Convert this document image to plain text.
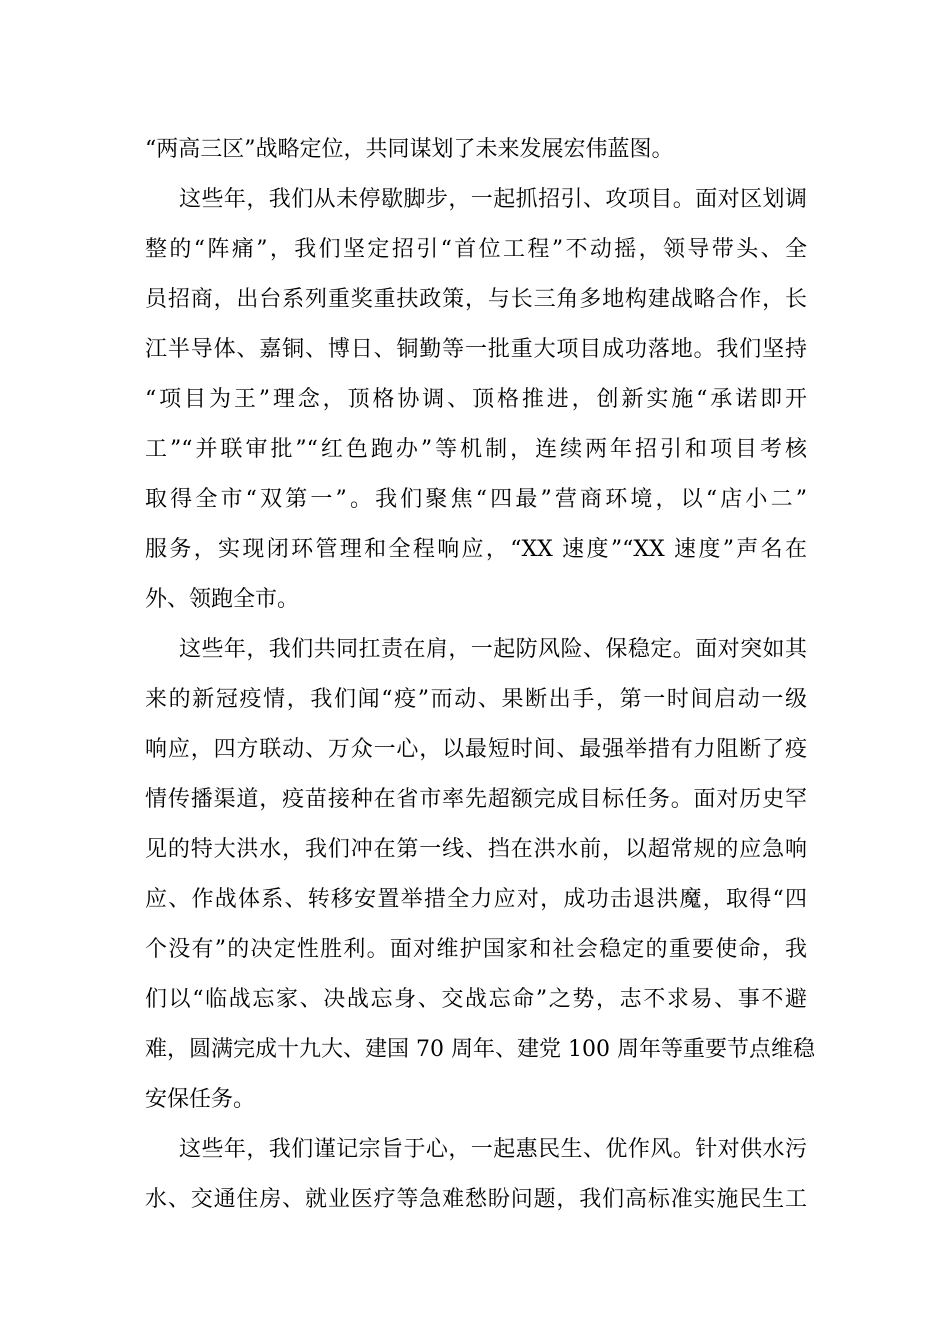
“两高三区”战略定位，共同谋划了未来发展宏伟蓝图。
这些年，我们从未停歇脚步，一起抓招引、攻项目。面对区划调
整的“阵痛”，我们坚定招引“首位工程”不动摇，领导带头、全
员招商，出台系列重奖重扶政策，与长三角多地构建战略合作，长
江半导体、嘉铜、博日、铜勤等一批重大项目成功落地。我们坚持
“项目为王”理念，顶格协调、顶格推进，创新实施“承诺即开
工”“并联审批”“红色跑办”等机制，连续两年招引和项目考核
取得全市“双第一”。我们聚焦“四最”营商环境，以“店小二”
服务，实现闭环管理和全程响应，“XX 速度”“XX 速度”声名在
外、领跑全市。
这些年，我们共同扛责在肩，一起防风险、保稳定。面对突如其
来的新冠疫情，我们闻“疫”而动、果断出手，第一时间启动一级
响应，四方联动、万众一心，以最短时间、最强举措有力阻断了疫
情传播渠道，疫苗接种在省市率先超额完成目标任务。面对历史罕
见的特大洪水，我们冲在第一线、挡在洪水前，以超常规的应急响
应、作战体系、转移安置举措全力应对，成功击退洪魔，取得“四
个没有”的决定性胜利。面对维护国家和社会稳定的重要使命，我
们以“临战忘家、决战忘身、交战忘命”之势，志不求易、事不避
难，圆满完成十九大、建国 70 周年、建党 100 周年等重要节点维稳
安保任务。
这些年，我们谨记宗旨于心，一起惠民生、优作风。针对供水污
水、交通住房、就业医疗等急难愁盼问题，我们高标准实施民生工
